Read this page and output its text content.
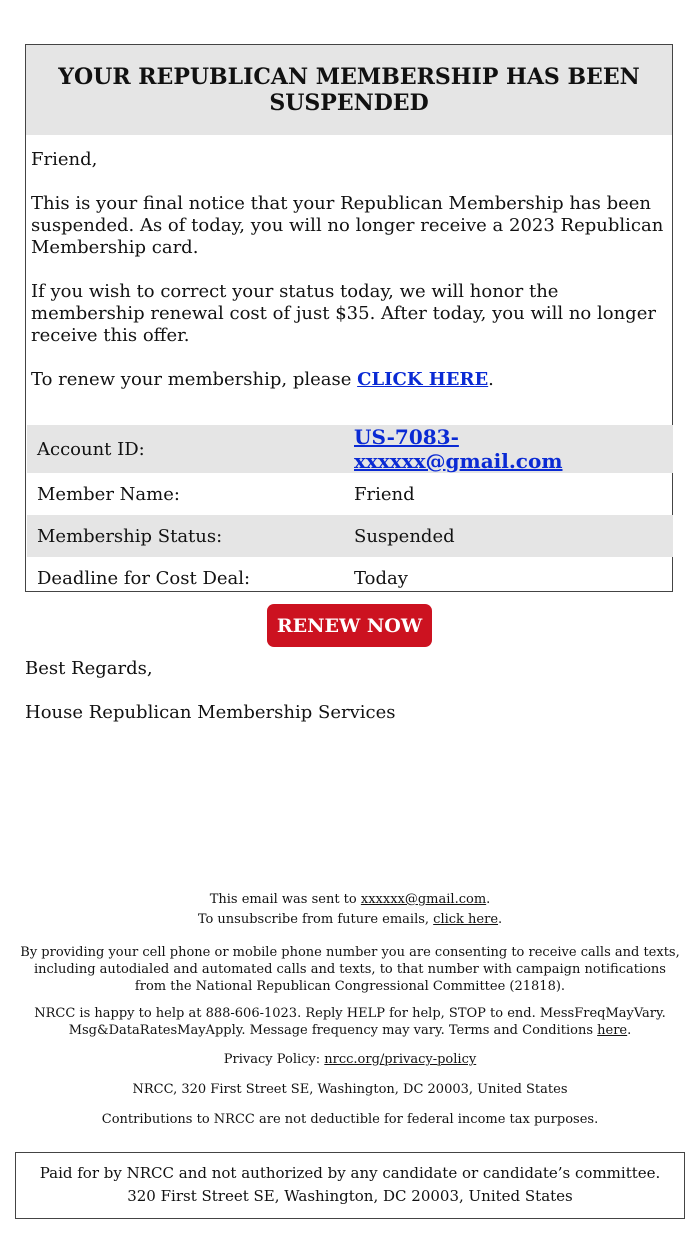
YOUR REPUBLICAN MEMBERSHIP HAS BEEN SUSPENDED

Friend,

This is your final notice that your Republican Membership has been suspended. As of today, you will no longer receive a 2023 Republican Membership card.

If you wish to correct your status today, we will honor the membership renewal cost of just $35. After today, you will no longer receive this offer.

To renew your membership, please CLICK HERE.

Account ID:	US-7083-xxxxxx@gmail.com
Member Name:	Friend
Membership Status:	Suspended
Deadline for Cost Deal:	Today
RENEW NOW
Best Regards,
House Republican Membership Services
This email was sent to xxxxxx@gmail.com.
To unsubscribe from future emails, click here.
By providing your cell phone or mobile phone number you are consenting to receive calls and texts, including autodialed and automated calls and texts, to that number with campaign notifications from the National Republican Congressional Committee (21818).
NRCC is happy to help at 888-606-1023. Reply HELP for help, STOP to end. MessFreqMayVary. Msg&DataRatesMayApply. Message frequency may vary. Terms and Conditions here.
Privacy Policy: nrcc.org/privacy-policy
NRCC, 320 First Street SE, Washington, DC 20003, United States
Contributions to NRCC are not deductible for federal income tax purposes.
Paid for by NRCC and not authorized by any candidate or candidate’s committee. 320 First Street SE, Washington, DC 20003, United States
